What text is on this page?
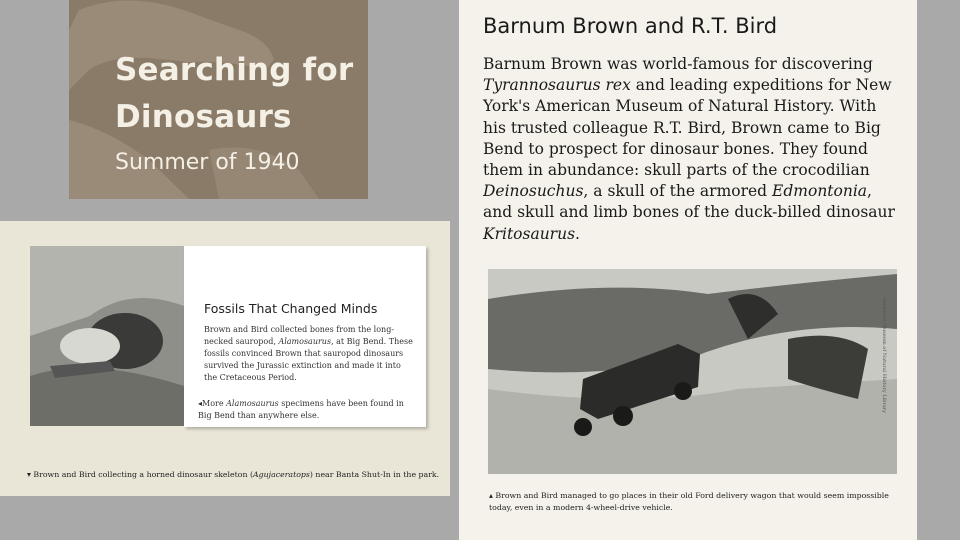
Searching for
Dinosaurs
Summer of 1940
Fossils That Changed Minds
Brown and Bird collected bones from the long-necked sauropod, Alamosaurus, at Big Bend. These fossils convinced Brown that sauropod dinosaurs survived the Jurassic extinction and made it into the Cretaceous Period.
◂More Alamosaurus specimens have been found in Big Bend than anywhere else.
▾ Brown and Bird collecting a horned dinosaur skeleton (Agujaceratops) near Banta Shut-In in the park.
Barnum Brown and R.T. Bird
Barnum Brown was world-famous for discovering Tyrannosaurus rex and leading expeditions for New York's American Museum of Natural History. With his trusted colleague R.T. Bird, Brown came to Big Bend to prospect for dinosaur bones. They found them in abundance: skull parts of the crocodilian Deinosuchus, a skull of the armored Edmontonia, and skull and limb bones of the duck-billed dinosaur Kritosaurus.
American Museum of Natural History Library
▴ Brown and Bird managed to go places in their old Ford delivery wagon that would seem impossible today, even in a modern 4-wheel-drive vehicle.
